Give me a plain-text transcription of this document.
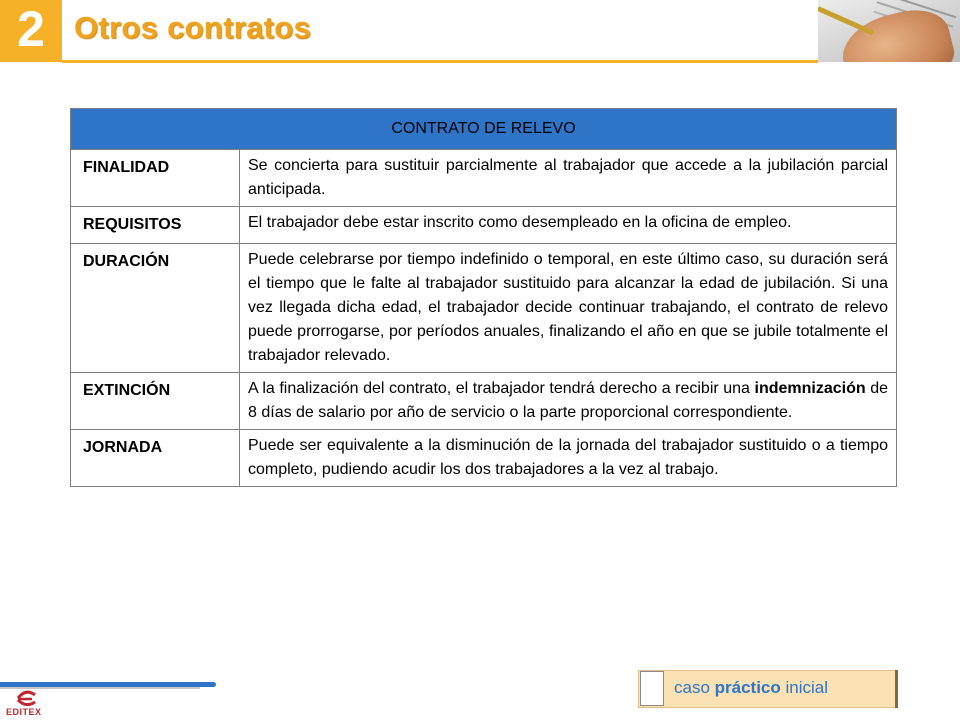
2 Otros contratos
CONTRATO DE RELEVO	
FINALIDAD	Se concierta para sustituir parcialmente al trabajador que accede a la jubilación parcial anticipada.
REQUISITOS	El trabajador debe estar inscrito como desempleado en la oficina de empleo.
DURACIÓN	Puede celebrarse por tiempo indefinido o temporal, en este último caso, su duración será el tiempo que le falte al trabajador sustituido para alcanzar la edad de jubilación. Si una vez llegada dicha edad, el trabajador decide continuar trabajando, el contrato de relevo puede prorrogarse, por períodos anuales, finalizando el año en que se jubile totalmente el trabajador relevado.
EXTINCIÓN	A la finalización del contrato, el trabajador tendrá derecho a recibir una indemnización de 8 días de salario por año de servicio o la parte proporcional correspondiente.
JORNADA	Puede ser equivalente a la disminución de la jornada del trabajador sustituido o a tiempo completo, pudiendo acudir los dos trabajadores a la vez al trabajo.
EDITEX
caso práctico inicial
